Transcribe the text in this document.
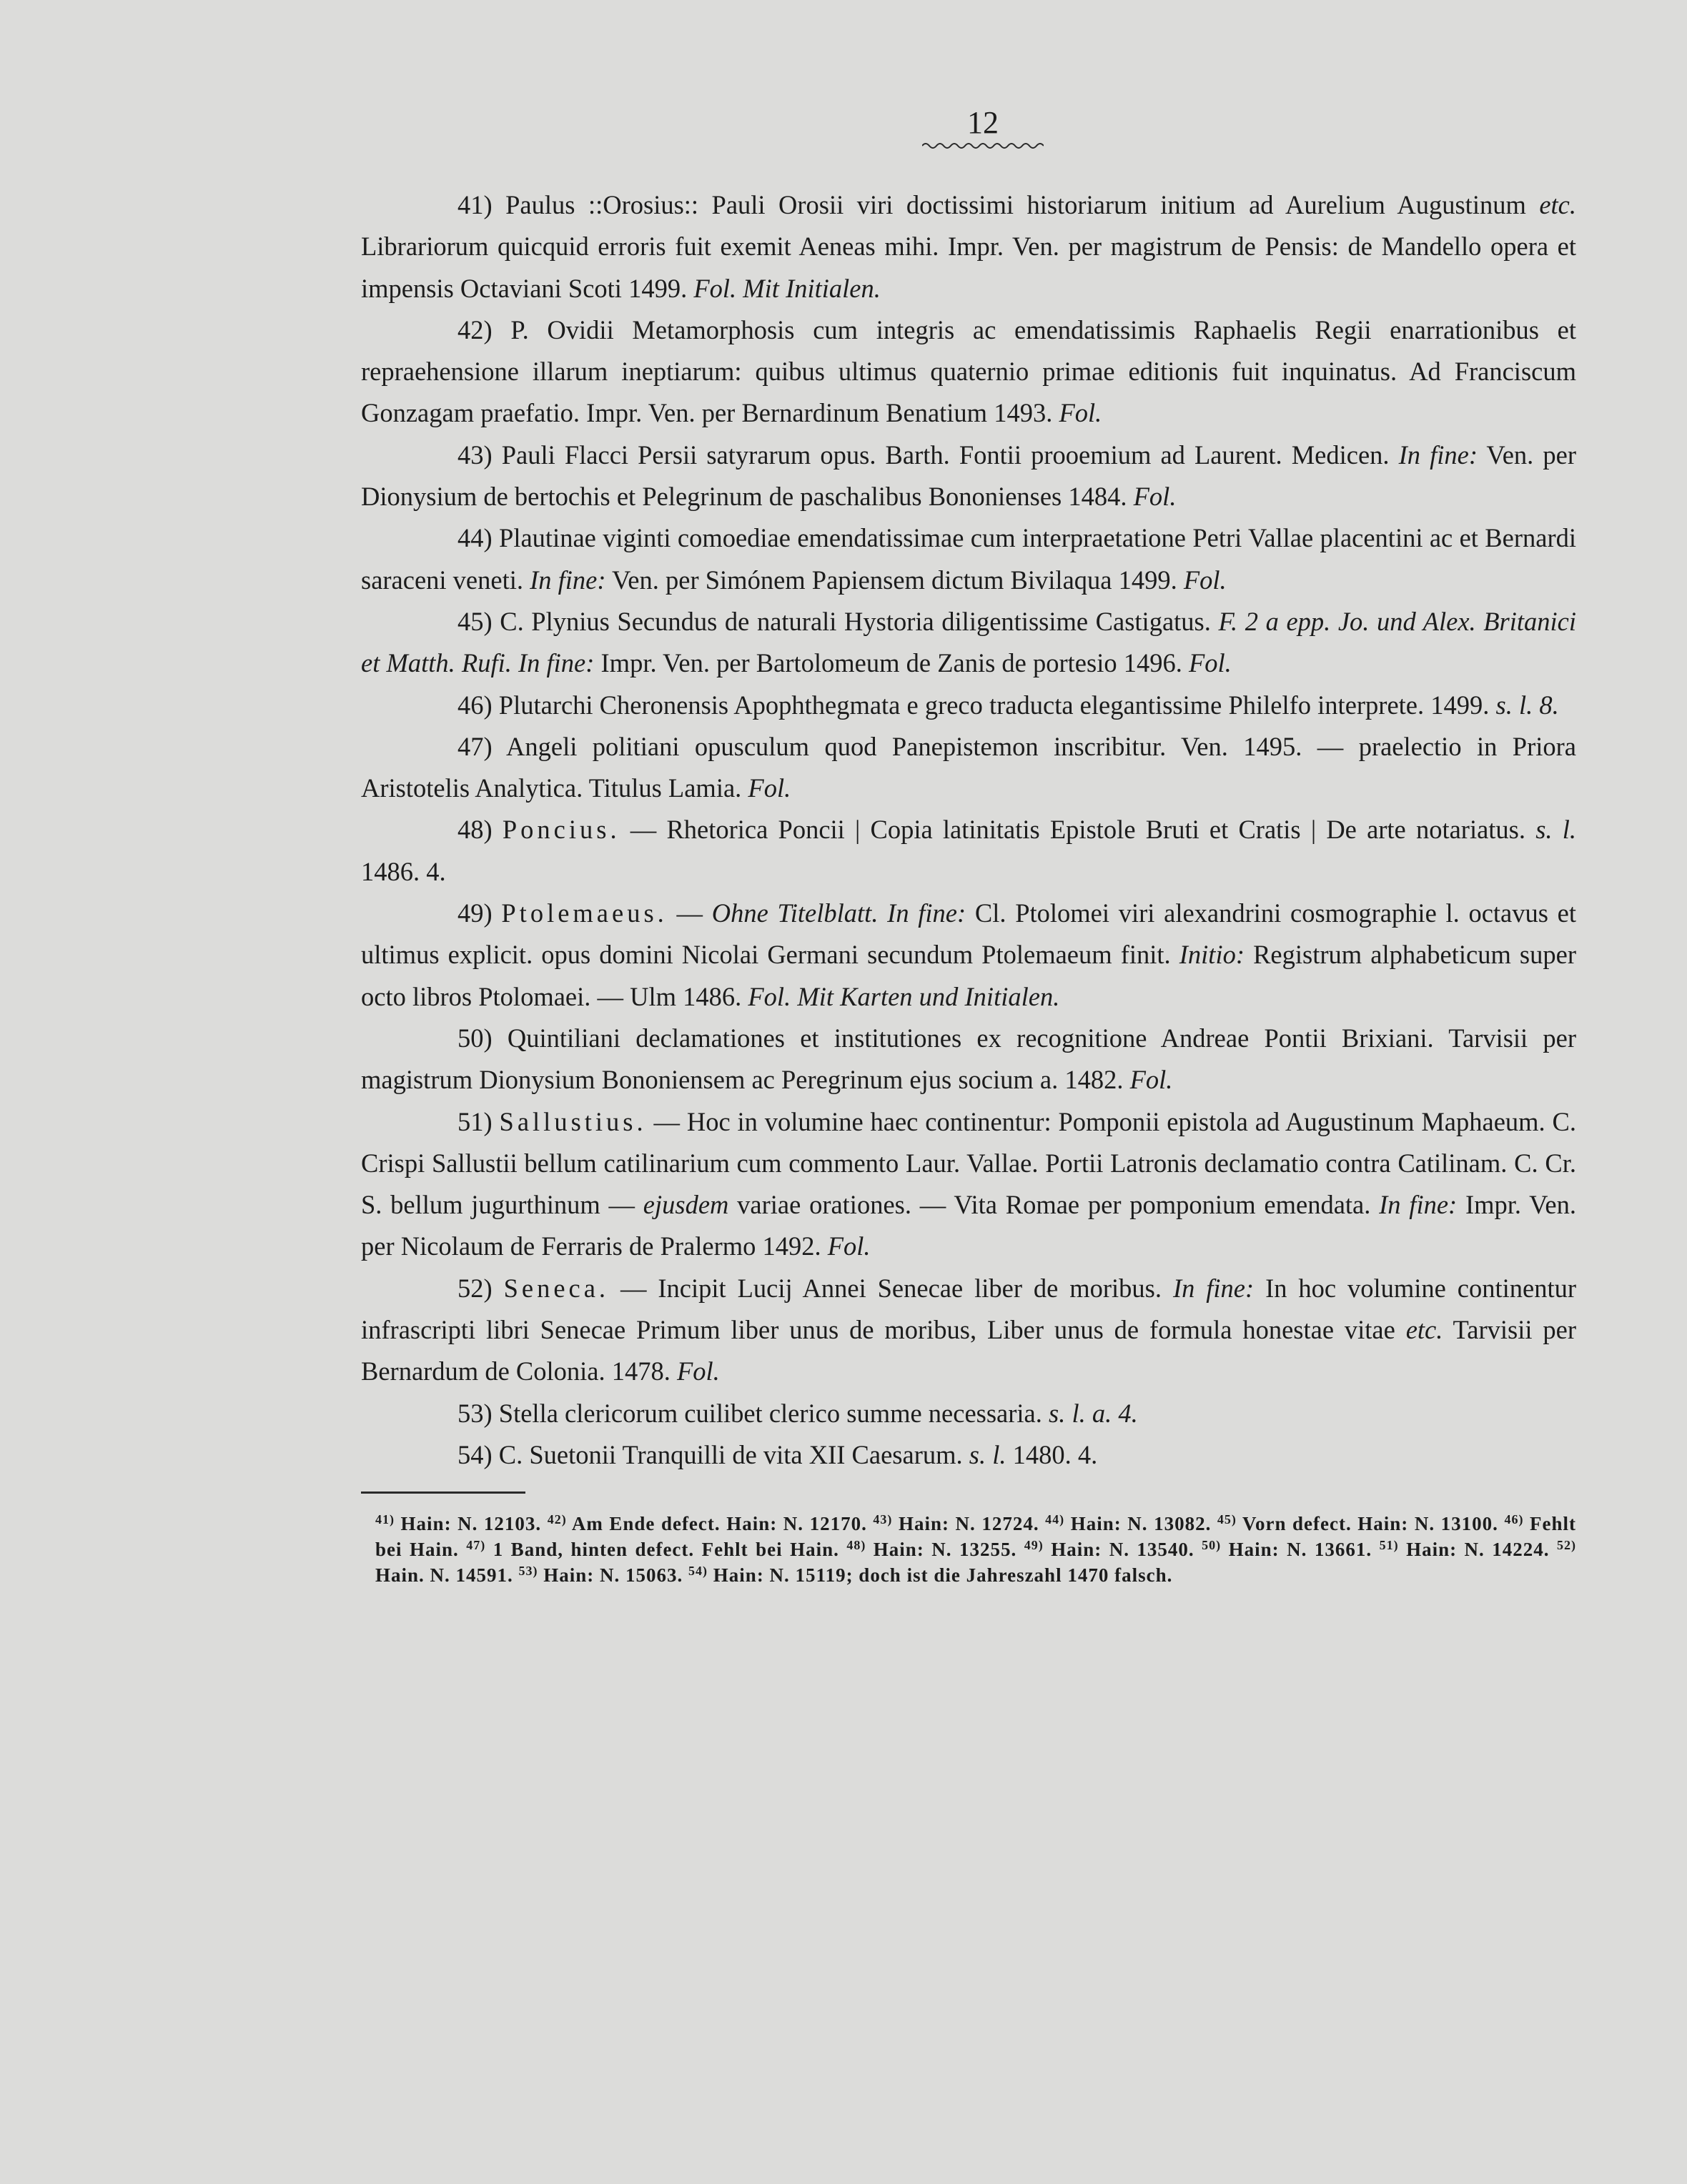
12

41) Paulus ::Orosius:: Pauli Orosii viri doctissimi historiarum initium ad Aurelium Augustinum etc. Librariorum quicquid erroris fuit exemit Aeneas mihi. Impr. Ven. per magistrum de Pensis: de Mandello opera et impensis Octaviani Scoti 1499. Fol. Mit Initialen.

42) P. Ovidii Metamorphosis cum integris ac emendatissimis Raphaelis Regii enarrationibus et repraehensione illarum ineptiarum: quibus ultimus quaternio primae editionis fuit inquinatus. Ad Franciscum Gonzagam praefatio. Impr. Ven. per Bernardinum Benatium 1493. Fol.

43) Pauli Flacci Persii satyrarum opus. Barth. Fontii prooemium ad Laurent. Medicen. In fine: Ven. per Dionysium de bertochis et Pelegrinum de paschalibus Bononienses 1484. Fol.

44) Plautinae viginti comoediae emendatissimae cum interpraetatione Petri Vallae placentini ac et Bernardi saraceni veneti. In fine: Ven. per Simónem Papiensem dictum Bivilaqua 1499. Fol.

45) C. Plynius Secundus de naturali Hystoria diligentissime Castigatus. F. 2 a epp. Jo. und Alex. Britanici et Matth. Rufi. In fine: Impr. Ven. per Bartolomeum de Zanis de portesio 1496. Fol.

46) Plutarchi Cheronensis Apophthegmata e greco traducta elegantissime Philelfo interprete. 1499. s. l. 8.

47) Angeli politiani opusculum quod Panepistemon inscribitur. Ven. 1495. — praelectio in Priora Aristotelis Analytica. Titulus Lamia. Fol.

48) Poncius. — Rhetorica Poncii | Copia latinitatis Epistole Bruti et Cratis | De arte notariatus. s. l. 1486. 4.

49) Ptolemaeus. — Ohne Titelblatt. In fine: Cl. Ptolomei viri alexandrini cosmographie l. octavus et ultimus explicit. opus domini Nicolai Germani secundum Ptolemaeum finit. Initio: Registrum alphabeticum super octo libros Ptolomaei. — Ulm 1486. Fol. Mit Karten und Initialen.

50) Quintiliani declamationes et institutiones ex recognitione Andreae Pontii Brixiani. Tarvisii per magistrum Dionysium Bononiensem ac Peregrinum ejus socium a. 1482. Fol.

51) Sallustius. — Hoc in volumine haec continentur: Pomponii epistola ad Augustinum Maphaeum. C. Crispi Sallustii bellum catilinarium cum commento Laur. Vallae. Portii Latronis declamatio contra Catilinam. C. Cr. S. bellum jugurthinum — ejusdem variae orationes. — Vita Romae per pomponium emendata. In fine: Impr. Ven. per Nicolaum de Ferraris de Pralermo 1492. Fol.

52) Seneca. — Incipit Lucij Annei Senecae liber de moribus. In fine: In hoc volumine continentur infrascripti libri Senecae Primum liber unus de moribus, Liber unus de formula honestae vitae etc. Tarvisii per Bernardum de Colonia. 1478. Fol.

53) Stella clericorum cuilibet clerico summe necessaria. s. l. a. 4.

54) C. Suetonii Tranquilli de vita XII Caesarum. s. l. 1480. 4.

$^{41)}$ Hain: N. 12103. $^{42)}$ Am Ende defect. Hain: N. 12170. $^{43)}$ Hain: N. 12724. $^{44)}$ Hain: N. 13082. $^{45)}$ Vorn defect. Hain: N. 13100. $^{46)}$ Fehlt bei Hain. $^{47)}$ 1 Band, hinten defect. Fehlt bei Hain. $^{48)}$ Hain: N. 13255. $^{49)}$ Hain: N. 13540. $^{50)}$ Hain: N. 13661. $^{51)}$ Hain: N. 14224. $^{52)}$ Hain. N. 14591. $^{53)}$ Hain: N. 15063. $^{54)}$ Hain: N. 15119; doch ist die Jahreszahl 1470 falsch.
